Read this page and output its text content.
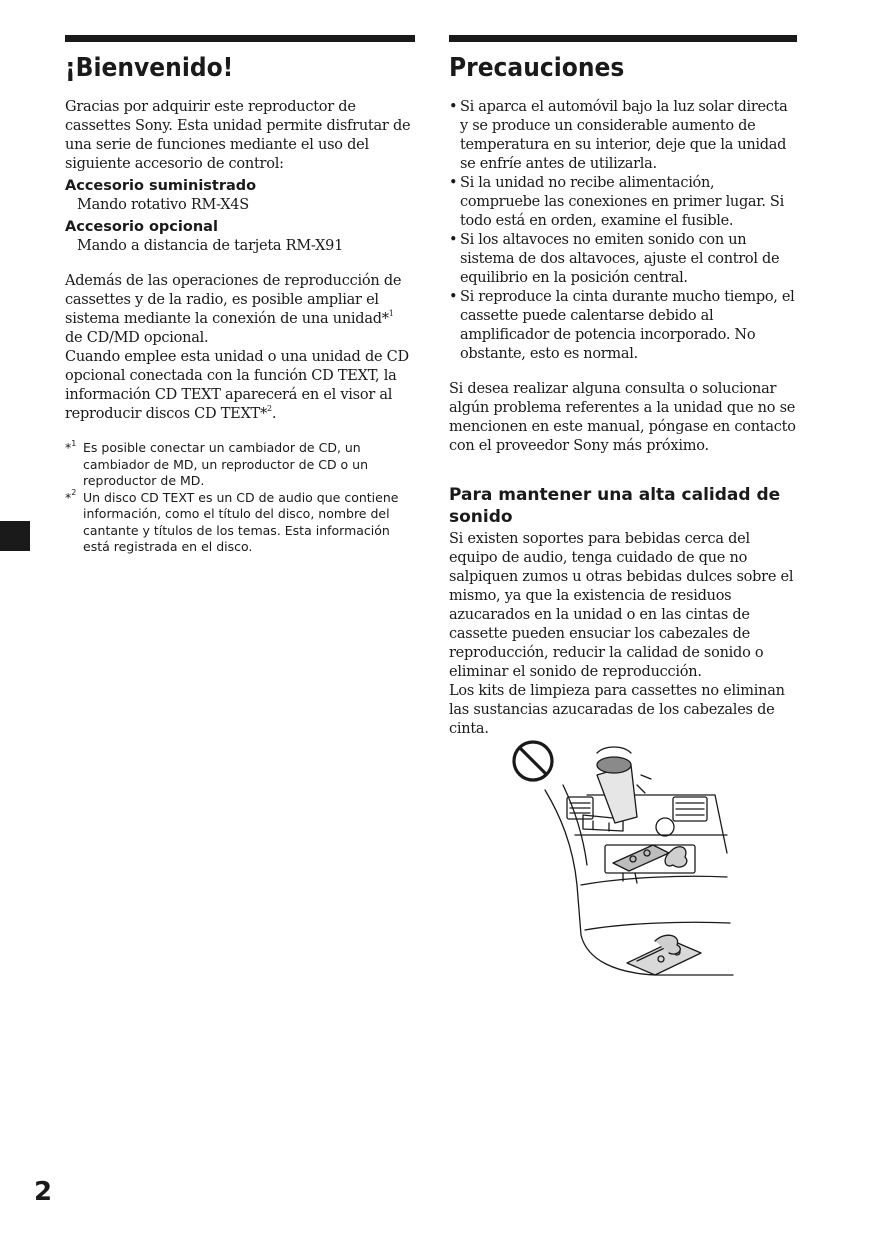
¡Bienvenido!

Gracias por adquirir este reproductor de cassettes Sony. Esta unidad permite disfrutar de una serie de funciones mediante el uso del siguiente accesorio de control:

Accesorio suministrado

Mando rotativo RM-X4S

Accesorio opcional

Mando a distancia de tarjeta RM-X91

Además de las operaciones de reproducción de cassettes y de la radio, es posible ampliar el sistema mediante la conexión de una unidad*$^1$ de CD/MD opcional.

Cuando emplee esta unidad o una unidad de CD opcional conectada con la función CD TEXT, la información CD TEXT aparecerá en el visor al reproducir discos CD TEXT*$^2$.

*$^1$ Es posible conectar un cambiador de CD, un cambiador de MD, un reproductor de CD o un reproductor de MD.
*$^2$ Un disco CD TEXT es un CD de audio que contiene información, como el título del disco, nombre del cantante y títulos de los temas. Esta información está registrada en el disco.
Precauciones
• Si aparca el automóvil bajo la luz solar directa y se produce un considerable aumento de temperatura en su interior, deje que la unidad se enfríe antes de utilizarla.
• Si la unidad no recibe alimentación, compruebe las conexiones en primer lugar. Si todo está en orden, examine el fusible.
• Si los altavoces no emiten sonido con un sistema de dos altavoces, ajuste el control de equilibrio en la posición central.
• Si reproduce la cinta durante mucho tiempo, el cassette puede calentarse debido al amplificador de potencia incorporado. No obstante, esto es normal.

Si desea realizar alguna consulta o solucionar algún problema referentes a la unidad que no se mencionen en este manual, póngase en contacto con el proveedor Sony más próximo.

Para mantener una alta calidad de sonido

Si existen soportes para bebidas cerca del equipo de audio, tenga cuidado de que no salpiquen zumos u otras bebidas dulces sobre el mismo, ya que la existencia de residuos azucarados en la unidad o en las cintas de cassette pueden ensuciar los cabezales de reproducción, reducir la calidad de sonido o eliminar el sonido de reproducción.

Los kits de limpieza para cassettes no eliminan las sustancias azucaradas de los cabezales de cinta.

2
